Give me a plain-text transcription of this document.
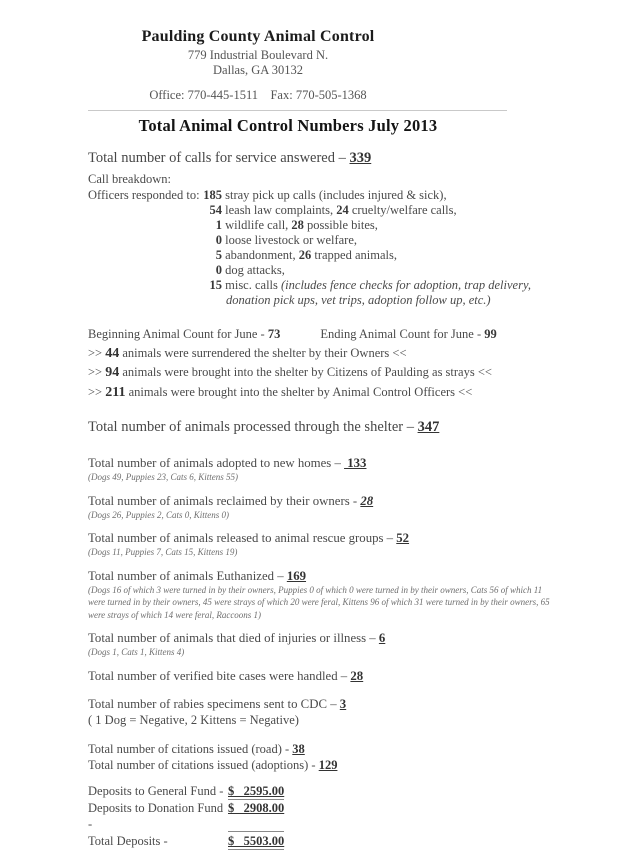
Paulding County Animal Control
779 Industrial Boulevard N.
Dallas, GA 30132
Office: 770-445-1511    Fax: 770-505-1368
Total Animal Control Numbers July 2013
Total number of calls for service answered – 339
Call breakdown:
Officers responded to: 185 stray pick up calls (includes injured & sick),
54 leash law complaints, 24 cruelty/welfare calls,
1 wildlife call, 28 possible bites,
0 loose livestock or welfare,
5 abandonment, 26 trapped animals,
0 dog attacks,
15 misc. calls (includes fence checks for adoption, trap delivery,
donation pick ups, vet trips, adoption follow up, etc.)
Beginning Animal Count for June - 73	Ending Animal Count for June - 99
>> 44 animals were surrendered the shelter by their Owners <<
>> 94 animals were brought into the shelter by Citizens of Paulding as strays <<
>> 211 animals were brought into the shelter by Animal Control Officers <<
Total number of animals processed through the shelter – 347
Total number of animals adopted to new homes –  133
(Dogs 49, Puppies 23, Cats 6, Kittens 55)
Total number of animals reclaimed by their owners - 28
(Dogs 26, Puppies 2, Cats 0, Kittens 0)
Total number of animals released to animal rescue groups – 52
(Dogs 11, Puppies 7, Cats 15, Kittens 19)
Total number of animals Euthanized – 169
(Dogs 16 of which 3 were turned in by their owners, Puppies 0 of which 0 were turned in by their owners, Cats 56 of which 11 were turned in by their owners, 45 were strays of which 20 were feral, Kittens 96 of which 31 were turned in by their owners, 65 were strays of which 14 were feral, Raccoons 1)
Total number of animals that died of injuries or illness – 6
(Dogs 1, Cats 1, Kittens 4)
Total number of verified bite cases were handled – 28
Total number of rabies specimens sent to CDC – 3
( 1 Dog = Negative, 2 Kittens = Negative)
Total number of citations issued (road) - 38
Total number of citations issued (adoptions) - 129
Deposits to General Fund - $   2595.00
Deposits to Donation Fund -
$   2908.00
Total Deposits -	$   5503.00
